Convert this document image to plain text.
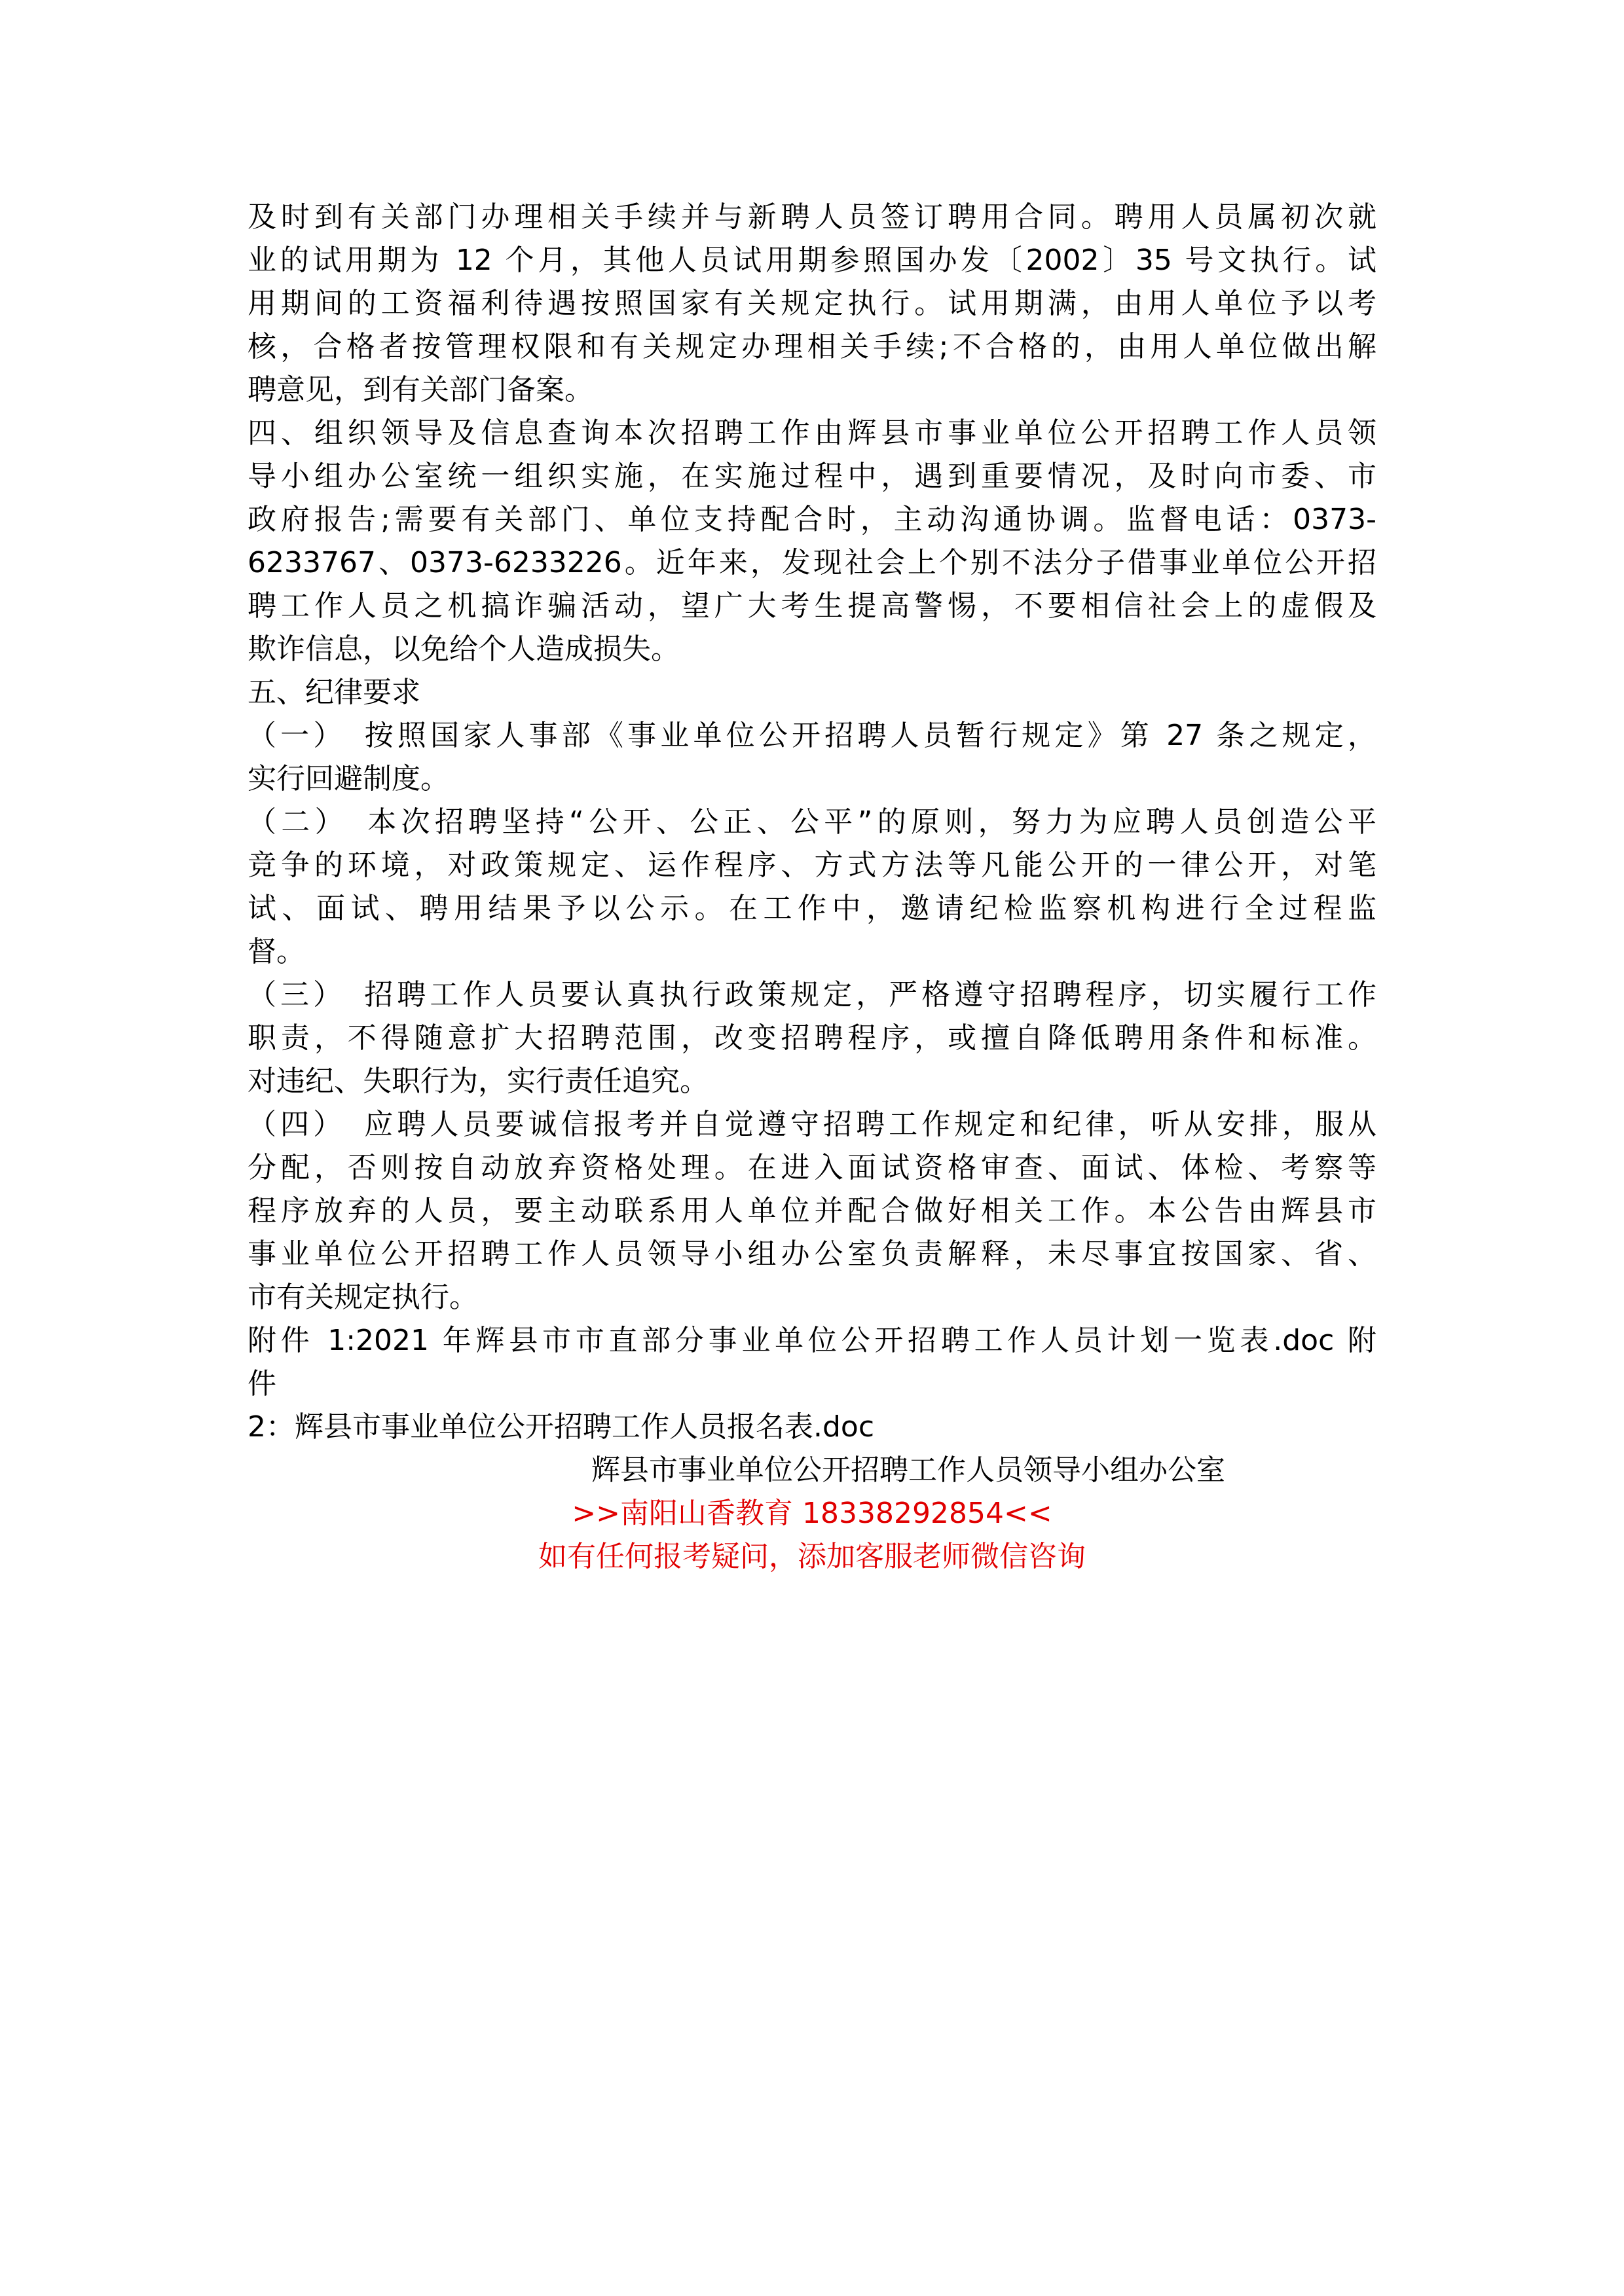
及时到有关部门办理相关手续并与新聘人员签订聘用合同。聘用人员属初次就
业的试用期为 12 个月，其他人员试用期参照国办发〔2002〕35 号文执行。试
用期间的工资福利待遇按照国家有关规定执行。试用期满，由用人单位予以考
核，合格者按管理权限和有关规定办理相关手续;不合格的，由用人单位做出解
聘意见，到有关部门备案。
四、组织领导及信息查询本次招聘工作由辉县市事业单位公开招聘工作人员领
导小组办公室统一组织实施，在实施过程中，遇到重要情况，及时向市委、市
政府报告;需要有关部门、单位支持配合时，主动沟通协调。监督电话：0373-
6233767、0373-6233226。近年来，发现社会上个别不法分子借事业单位公开招
聘工作人员之机搞诈骗活动，望广大考生提高警惕，不要相信社会上的虚假及
欺诈信息，以免给个人造成损失。
五、纪律要求
（一）　按照国家人事部《事业单位公开招聘人员暂行规定》第 27 条之规定，
实行回避制度。
（二）　本次招聘坚持“公开、公正、公平”的原则，努力为应聘人员创造公平
竞争的环境，对政策规定、运作程序、方式方法等凡能公开的一律公开，对笔
试、面试、聘用结果予以公示。在工作中，邀请纪检监察机构进行全过程监
督。
（三）　招聘工作人员要认真执行政策规定，严格遵守招聘程序，切实履行工作
职责，不得随意扩大招聘范围，改变招聘程序，或擅自降低聘用条件和标准。
对违纪、失职行为，实行责任追究。
（四）　应聘人员要诚信报考并自觉遵守招聘工作规定和纪律，听从安排，服从
分配，否则按自动放弃资格处理。在进入面试资格审查、面试、体检、考察等
程序放弃的人员，要主动联系用人单位并配合做好相关工作。本公告由辉县市
事业单位公开招聘工作人员领导小组办公室负责解释，未尽事宜按国家、省、
市有关规定执行。
附件 1:2021 年辉县市市直部分事业单位公开招聘工作人员计划一览表.doc 附
件
2：辉县市事业单位公开招聘工作人员报名表.doc
辉县市事业单位公开招聘工作人员领导小组办公室
>>南阳山香教育 18338292854<<
如有任何报考疑问，添加客服老师微信咨询
